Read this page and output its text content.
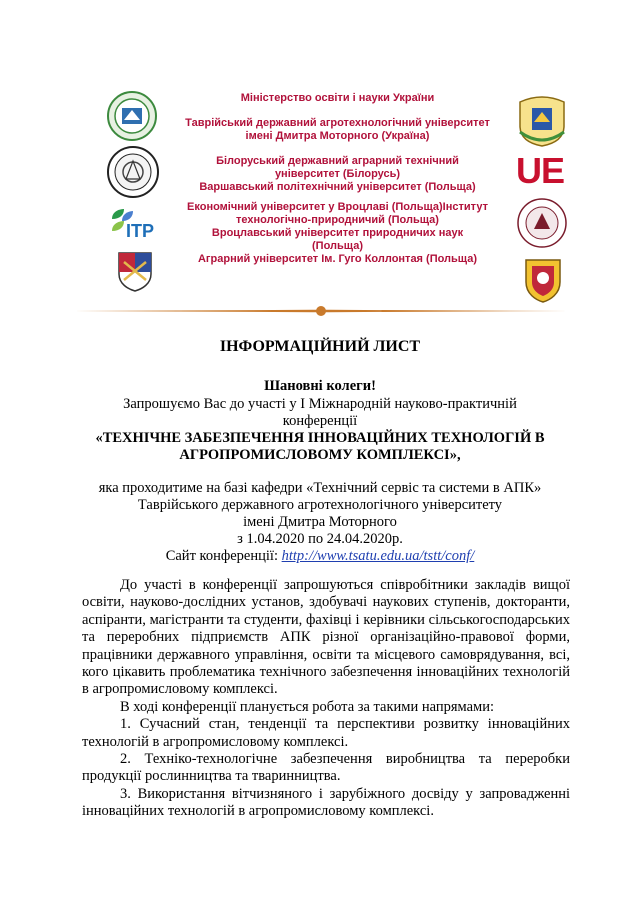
ITP
UE
Міністерство освіти і науки України
Таврійський державний агротехнологічний університет імені Дмитра Моторного (Україна)
Білоруський державний аграрний технічний університет (Білорусь)
Варшавський політехнічний університет (Польща)
Економічний університет у Вроцлаві (Польща)Інститут технологічно-природничий (Польща)
Вроцлавський університет природничих наук (Польща)
Аграрний університет Ім. Гуго Коллонтая (Польща)
ІНФОРМАЦІЙНИЙ ЛИСТ
Шановні колеги!
Запрошуємо Вас до участі у І Міжнародній науково-практичній
конференції
«ТЕХНІЧНЕ ЗАБЕЗПЕЧЕННЯ ІННОВАЦІЙНИХ ТЕХНОЛОГІЙ В
АГРОПРОМИСЛОВОМУ КОМПЛЕКСІ»,
яка проходитиме на базі кафедри «Технічний сервіс та системи в АПК»
Таврійського державного агротехнологічного університету
імені Дмитра Моторного
з 1.04.2020 по 24.04.2020р.
Сайт конференції: http://www.tsatu.edu.ua/tstt/conf/

До участі в конференції запрошуються співробітники закладів вищої освіти, науково-дослідних установ, здобувачі наукових ступенів, докторанти, аспіранти, магістранти та студенти, фахівці і керівники сільськогосподарських та переробних підприємств АПК різної організаційно-правової форми, працівники державного управління, освіти та місцевого самоврядування, всі, кого цікавить проблематика технічного забезпечення інноваційних технологій в агропромисловому комплексі.

В ході конференції планується робота за такими напрямами:

1. Сучасний стан, тенденції та перспективи розвитку інноваційних технологій в агропромисловому комплексі.

2. Техніко-технологічне забезпечення виробництва та переробки продукції рослинництва та тваринництва.

3. Використання вітчизняного і зарубіжного досвіду у запровадженні інноваційних технологій в агропромисловому комплексі.
